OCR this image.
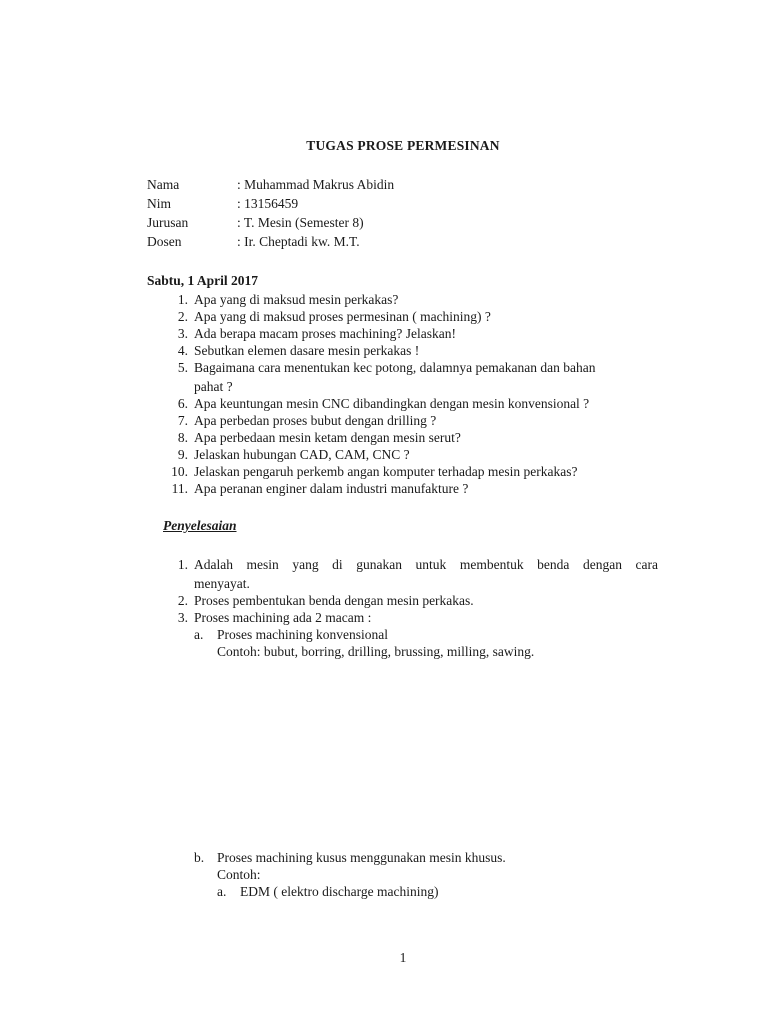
TUGAS PROSE PERMESINAN
Nama	: Muhammad Makrus Abidin
Nim	: 13156459
Jurusan	: T. Mesin (Semester 8)
Dosen	: Ir. Cheptadi kw. M.T.
Sabtu, 1 April 2017
1. Apa yang di maksud mesin perkakas?
2. Apa yang di maksud proses permesinan ( machining) ?
3. Ada berapa macam proses machining? Jelaskan!
4. Sebutkan elemen dasare mesin perkakas !
5. Bagaimana cara menentukan kec potong, dalamnya pemakanan dan bahan
pahat ?
6. Apa keuntungan mesin CNC dibandingkan dengan mesin konvensional ?
7. Apa perbedan proses bubut dengan drilling ?
8. Apa perbedaan mesin ketam dengan mesin serut?
9. Jelaskan hubungan CAD, CAM, CNC ?
10. Jelaskan pengaruh perkemb angan komputer terhadap mesin perkakas?
11. Apa peranan enginer dalam industri manufakture ?
Penyelesaian
1. Adalah mesin yang di gunakan untuk membentuk benda dengan cara
menyayat.
2. Proses pembentukan benda dengan mesin perkakas.
3. Proses machining ada 2 macam :
a. Proses machining konvensional
Contoh: bubut, borring, drilling, brussing, milling, sawing.
b. Proses machining kusus menggunakan mesin khusus.
Contoh:
a. EDM ( elektro discharge machining)
1
